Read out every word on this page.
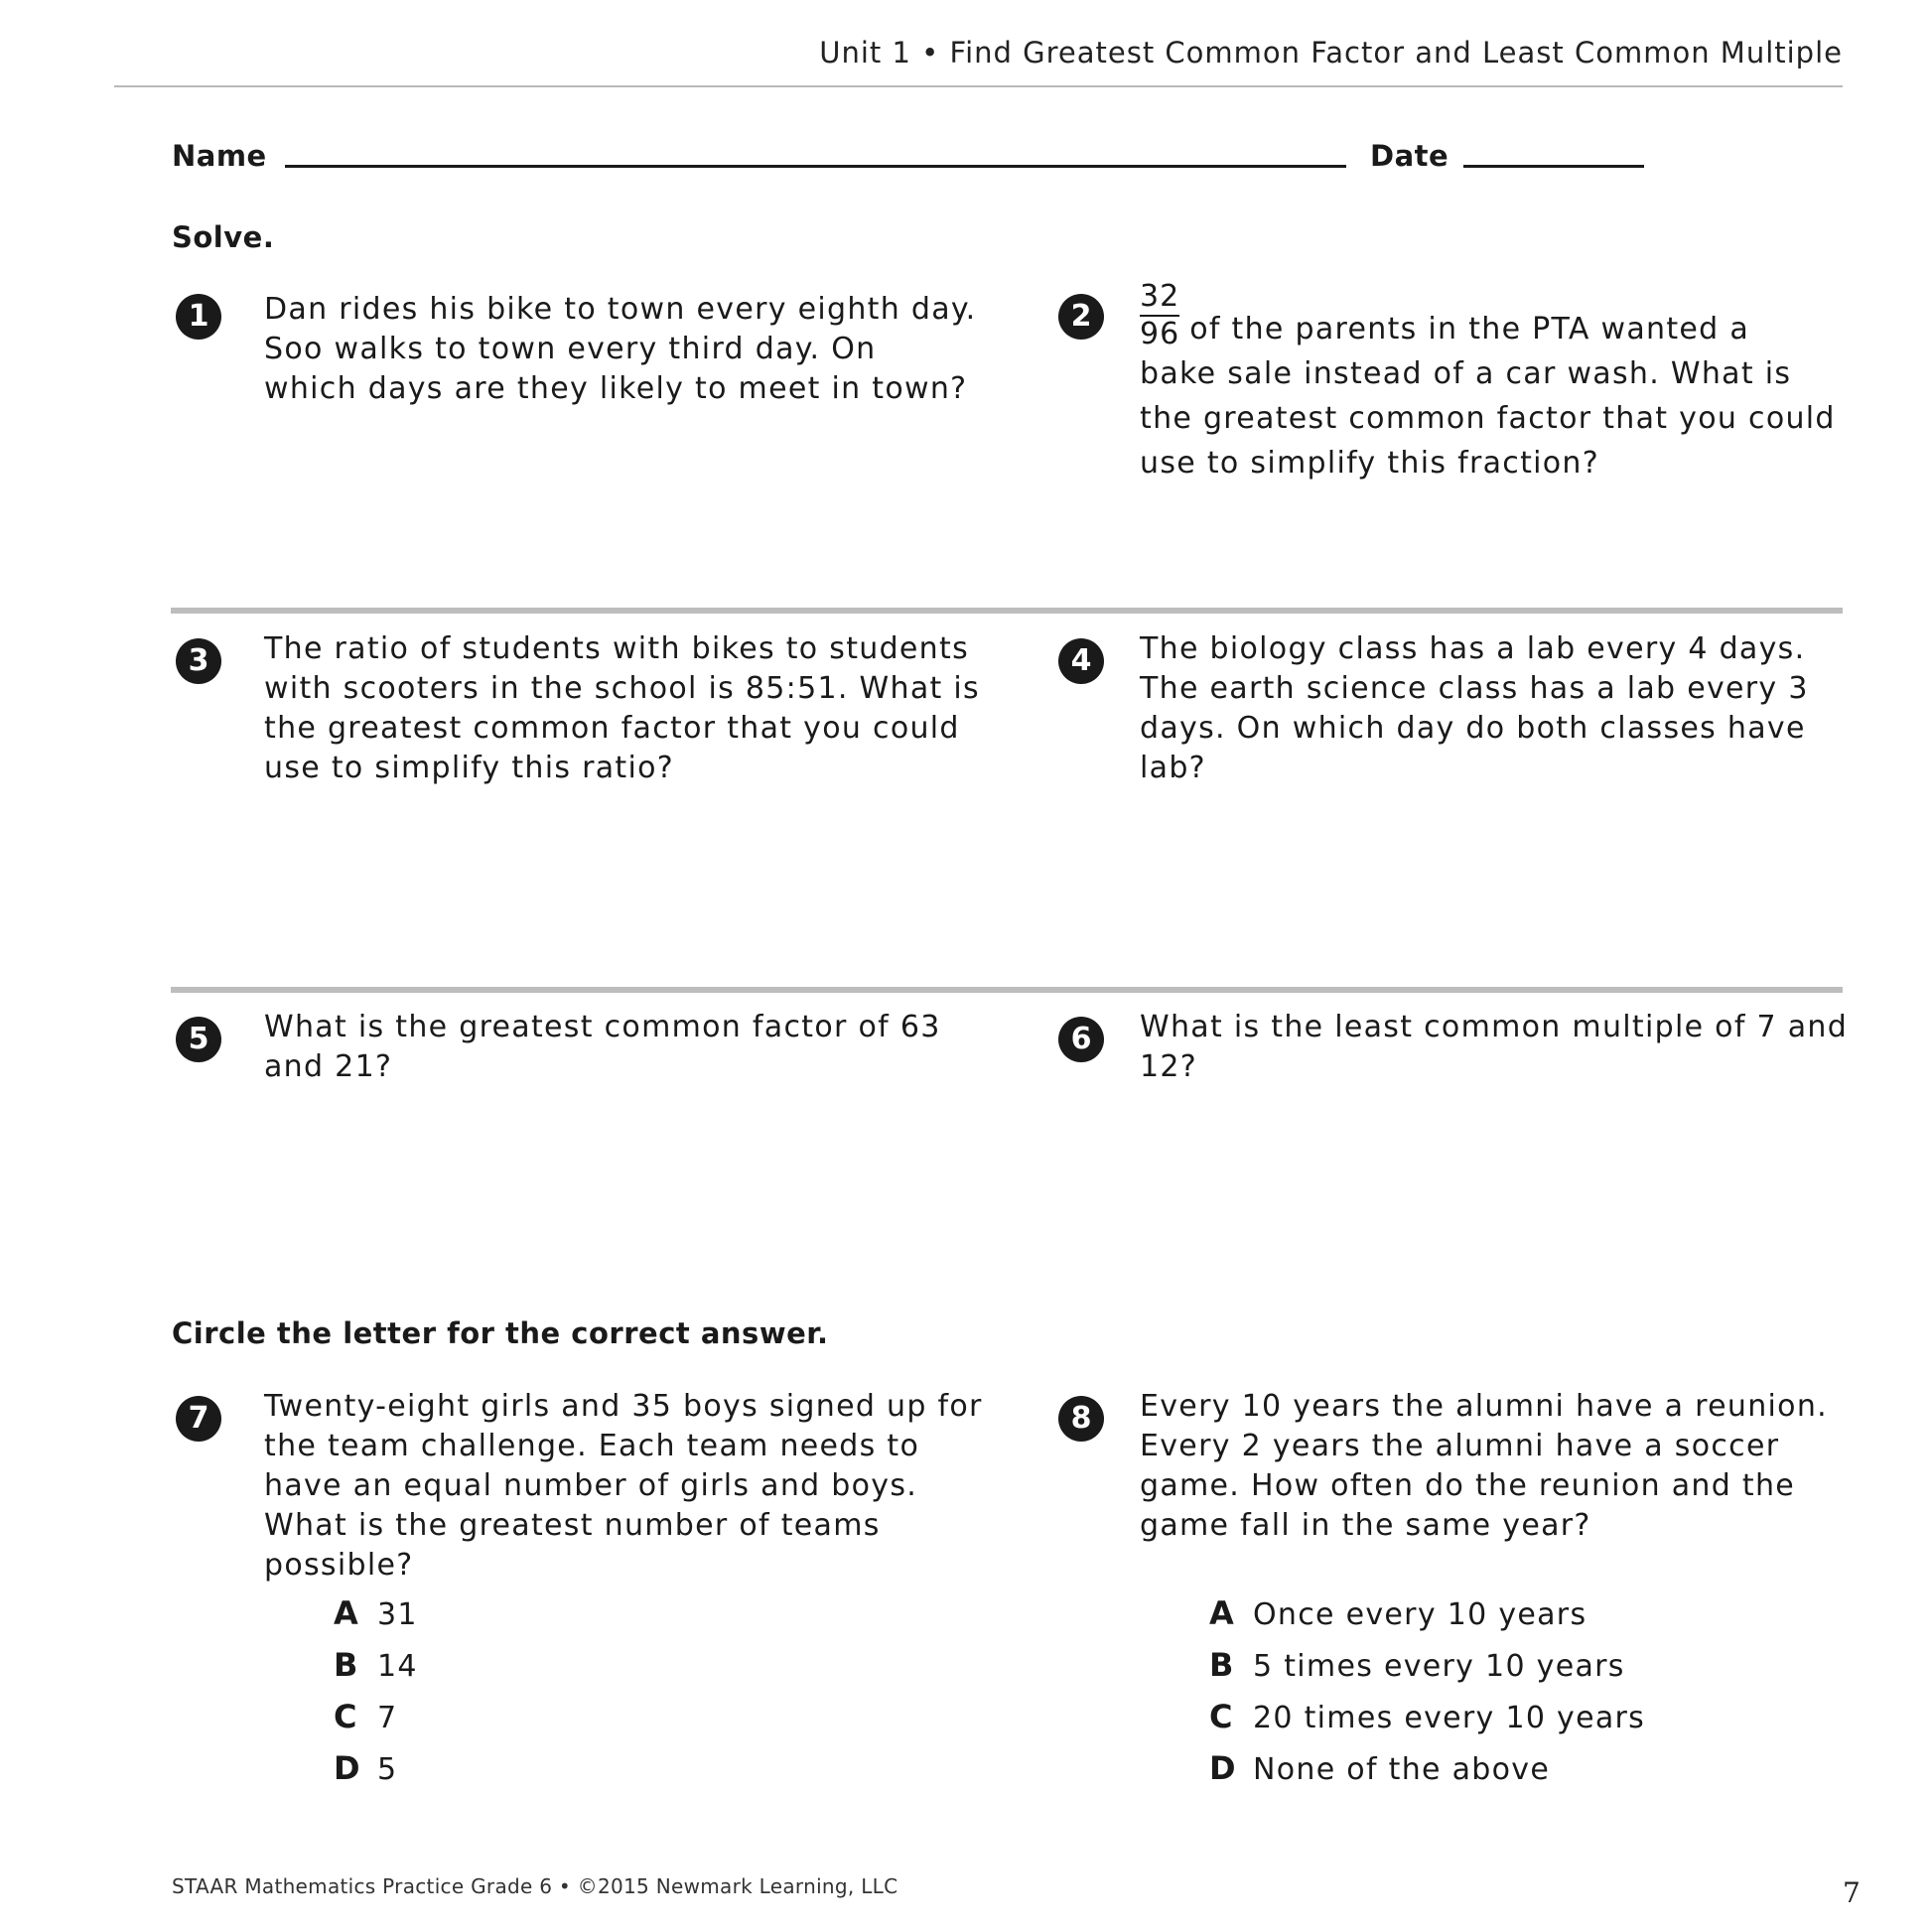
Unit 1 • Find Greatest Common Factor and Least Common Multiple
Name	Date
Solve.
1	Dan rides his bike to town every eighth day. Soo walks to town every third day. On which days are they likely to meet in town?
2	$\frac{32}{96}$ of the parents in the PTA wanted a
bake sale instead of a car wash. What is the greatest common factor that you could use to simplify this fraction?
3	The ratio of students with bikes to students with scooters in the school is 85:51. What is the greatest common factor that you could use to simplify this ratio?
4	The biology class has a lab every 4 days. The earth science class has a lab every 3 days. On which day do both classes have lab?
5	What is the greatest common factor of 63 and 21?
6	What is the least common multiple of 7 and 12?
Circle the letter for the correct answer.
7	Twenty-eight girls and 35 boys signed up for the team challenge. Each team needs to have an equal number of girls and boys. What is the greatest number of teams possible?
A 31
B 14
C 7
D 5
8	Every 10 years the alumni have a reunion. Every 2 years the alumni have a soccer game. How often do the reunion and the game fall in the same year?
A Once every 10 years
B 5 times every 10 years
C 20 times every 10 years
D None of the above
STAAR Mathematics Practice Grade 6 • ©2015 Newmark Learning, LLC	7
